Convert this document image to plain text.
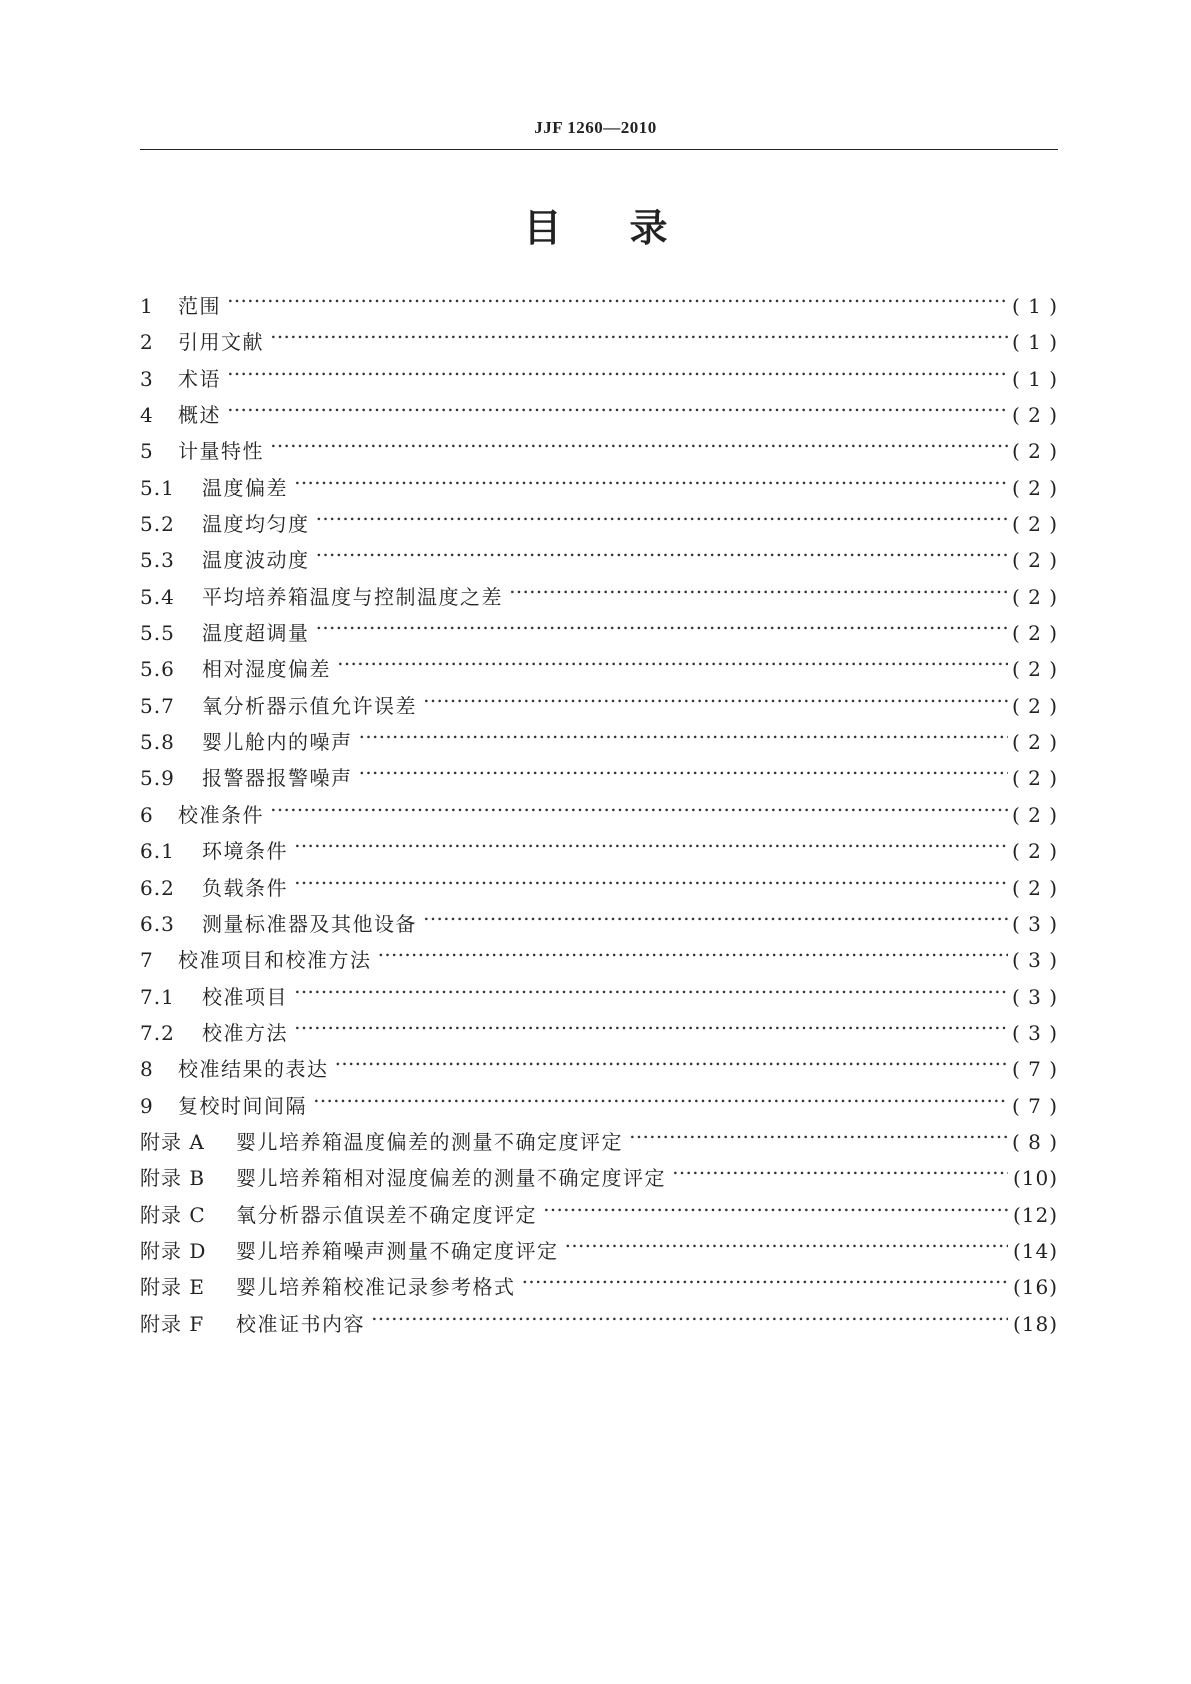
JJF 1260—2010
目 录
1	范围 ……………………………………………………………………………………………………………………………………………………………………………………………………………………………………	( 1 )
2	引用文献 ……………………………………………………………………………………………………………………………………………………………………………………………………………………………………	( 1 )
3	术语 ……………………………………………………………………………………………………………………………………………………………………………………………………………………………………	( 1 )
4	概述 ……………………………………………………………………………………………………………………………………………………………………………………………………………………………………	( 2 )
5	计量特性 ……………………………………………………………………………………………………………………………………………………………………………………………………………………………………	( 2 )
5.1	温度偏差 ……………………………………………………………………………………………………………………………………………………………………………………………………………………………………	( 2 )
5.2	温度均匀度 ……………………………………………………………………………………………………………………………………………………………………………………………………………………………………	( 2 )
5.3	温度波动度 ……………………………………………………………………………………………………………………………………………………………………………………………………………………………………	( 2 )
5.4	平均培养箱温度与控制温度之差 ……………………………………………………………………………………………………………………………………………………………………………………………………………………………………	( 2 )
5.5	温度超调量 ……………………………………………………………………………………………………………………………………………………………………………………………………………………………………	( 2 )
5.6	相对湿度偏差 ……………………………………………………………………………………………………………………………………………………………………………………………………………………………………	( 2 )
5.7	氧分析器示值允许误差 ……………………………………………………………………………………………………………………………………………………………………………………………………………………………………	( 2 )
5.8	婴儿舱内的噪声 ……………………………………………………………………………………………………………………………………………………………………………………………………………………………………	( 2 )
5.9	报警器报警噪声 ……………………………………………………………………………………………………………………………………………………………………………………………………………………………………	( 2 )
6	校准条件 ……………………………………………………………………………………………………………………………………………………………………………………………………………………………………	( 2 )
6.1	环境条件 ……………………………………………………………………………………………………………………………………………………………………………………………………………………………………	( 2 )
6.2	负载条件 ……………………………………………………………………………………………………………………………………………………………………………………………………………………………………	( 2 )
6.3	测量标准器及其他设备 ……………………………………………………………………………………………………………………………………………………………………………………………………………………………………	( 3 )
7	校准项目和校准方法 ……………………………………………………………………………………………………………………………………………………………………………………………………………………………………	( 3 )
7.1	校准项目 ……………………………………………………………………………………………………………………………………………………………………………………………………………………………………	( 3 )
7.2	校准方法 ……………………………………………………………………………………………………………………………………………………………………………………………………………………………………	( 3 )
8	校准结果的表达 ……………………………………………………………………………………………………………………………………………………………………………………………………………………………………	( 7 )
9	复校时间间隔 ……………………………………………………………………………………………………………………………………………………………………………………………………………………………………	( 7 )
附录 A	婴儿培养箱温度偏差的测量不确定度评定 ……………………………………………………………………………………………………………………………………………………………………………………………………………………………………	( 8 )
附录 B	婴儿培养箱相对湿度偏差的测量不确定度评定 ……………………………………………………………………………………………………………………………………………………………………………………………………………………………………	(10)
附录 C	氧分析器示值误差不确定度评定 ……………………………………………………………………………………………………………………………………………………………………………………………………………………………………	(12)
附录 D	婴儿培养箱噪声测量不确定度评定 ……………………………………………………………………………………………………………………………………………………………………………………………………………………………………	(14)
附录 E	婴儿培养箱校准记录参考格式 ……………………………………………………………………………………………………………………………………………………………………………………………………………………………………	(16)
附录 F	校准证书内容 ……………………………………………………………………………………………………………………………………………………………………………………………………………………………………	(18)
